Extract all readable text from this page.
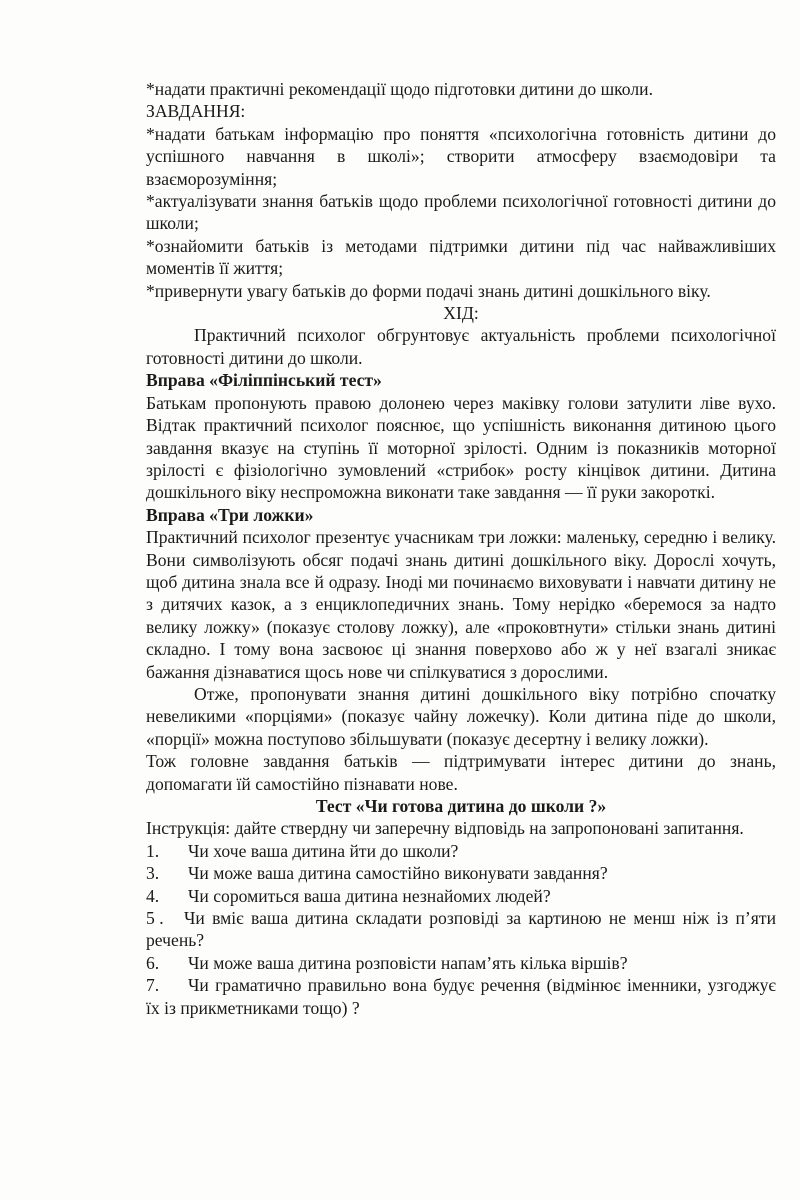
*надати практичні рекомендації щодо підготовки дитини до школи.

ЗАВДАННЯ:

*надати батькам інформацію про поняття «психологічна готовність дитини до успішного навчання в школі»; створити атмосферу взаємодовіри та взаєморозуміння;

*актуалізувати знання батьків щодо проблеми психологічної готовності дитини до школи;

*ознайомити батьків із методами підтримки дитини під час найважливіших моментів її життя;

*привернути увагу батьків до форми подачі знань дитині дошкільного віку.

ХІД:

Практичний психолог обгрунтовує актуальність проблеми психологічної готовності дитини до школи.

Вправа «Філіппінський тест»

Батькам пропонують правою долонею через маківку голови затулити ліве вухо. Відтак практичний психолог пояснює, що успішність виконання дитиною цього завдання вказує на ступінь її моторної зрілості. Одним із показників моторної зрілості є фізіологічно зумовлений «стрибок» росту кінцівок дитини. Дитина дошкільного віку неспроможна виконати таке завдання — її руки закороткі.

Вправа «Три ложки»

Практичний психолог презентує учасникам три ложки: маленьку, середню і велику. Вони символізують обсяг подачі знань дитині дошкільного віку. Дорослі хочуть, щоб дитина знала все й одразу. Іноді ми починаємо виховувати і навчати дитину не з дитячих казок, а з енциклопедичних знань. Тому нерідко «беремося за надто велику ложку» (показує столову ложку), але «проковтнути» стільки знань дитині складно. І тому вона засвоює ці знання поверхово або ж у неї взагалі зникає бажання дізнаватися щось нове чи спілкуватися з дорослими.

Отже, пропонувати знання дитині дошкільного віку потрібно спочатку невеликими «порціями» (показує чайну ложечку). Коли дитина піде до школи, «порції» можна поступово збільшувати (показує десертну і велику ложки).

Тож головне завдання батьків — підтримувати інтерес дитини до знань, допомагати їй самостійно пізнавати нове.

Тест «Чи готова дитина до школи ?»

Інструкція: дайте ствердну чи заперечну відповідь на запропоновані запитання.

1. Чи хоче ваша дитина йти до школи?
3. Чи може ваша дитина самостійно виконувати завдання?
4. Чи соромиться ваша дитина незнайомих людей?
5 . Чи вміє ваша дитина складати розповіді за картиною не менш ніж із п’яти речень?
6. Чи може ваша дитина розповісти напам’ять кілька віршів?
7. Чи граматично правильно вона будує речення (відмінює іменники, узгоджує їх із прикметниками тощо) ?
